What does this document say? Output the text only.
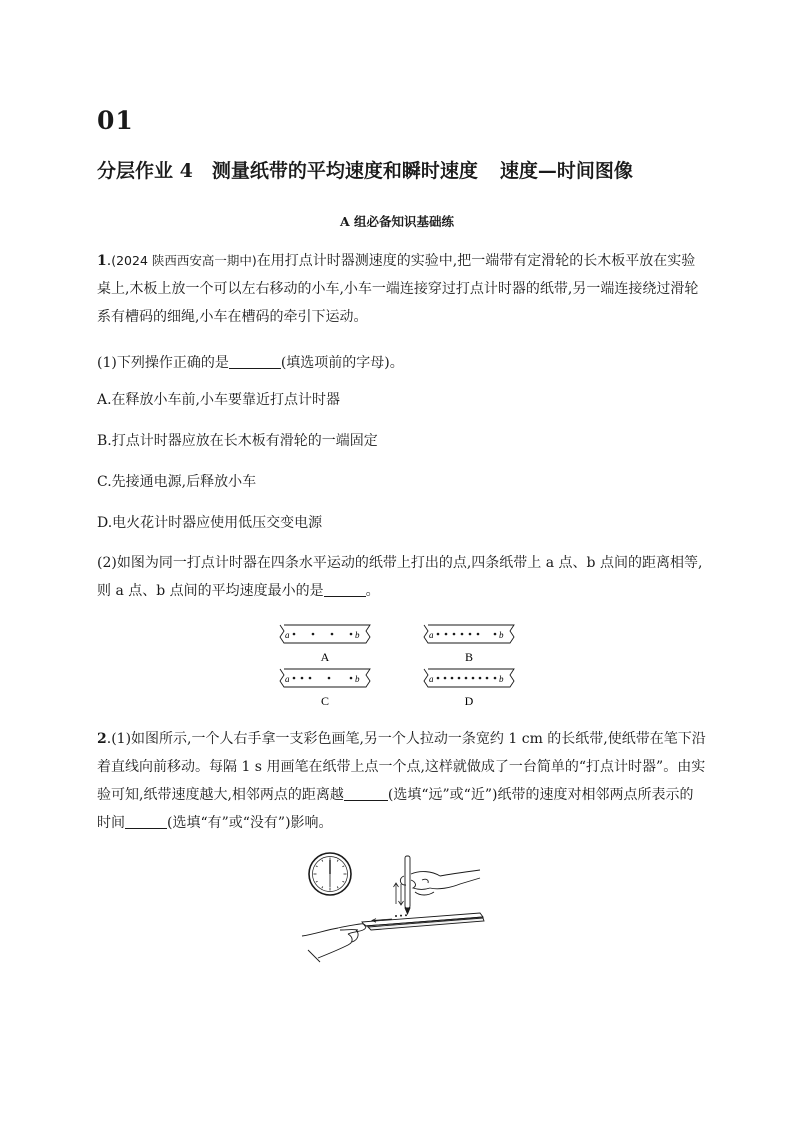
01
分层作业 4　测量纸带的平均速度和瞬时速度 速度—时间图像
A 组必备知识基础练
1.(2024 陕西西安高一期中)在用打点计时器测速度的实验中,把一端带有定滑轮的长木板平放在实验
桌上,木板上放一个可以左右移动的小车,小车一端连接穿过打点计时器的纸带,另一端连接绕过滑轮
系有槽码的细绳,小车在槽码的牵引下运动。
(1)下列操作正确的是	(填选项前的字母)。
A.在释放小车前,小车要靠近打点计时器
B.打点计时器应放在长木板有滑轮的一端固定
C.先接通电源,后释放小车
D.电火花计时器应使用低压交变电源
(2)如图为同一打点计时器在四条水平运动的纸带上打出的点,四条纸带上 a 点、b 点间的距离相等,
则 a 点、b 点间的平均速度最小的是	。
a	b
A
a	b
B
a	b
C
a	b
D
2.(1)如图所示,一个人右手拿一支彩色画笔,另一个人拉动一条宽约 1 cm 的长纸带,使纸带在笔下沿
着直线向前移动。每隔 1 s 用画笔在纸带上点一个点,这样就做成了一台简单的“打点计时器”。由实
验可知,纸带速度越大,相邻两点的距离越	(选填“远”或“近”)纸带的速度对相邻两点所表示的
时间	(选填“有”或“没有”)影响。
